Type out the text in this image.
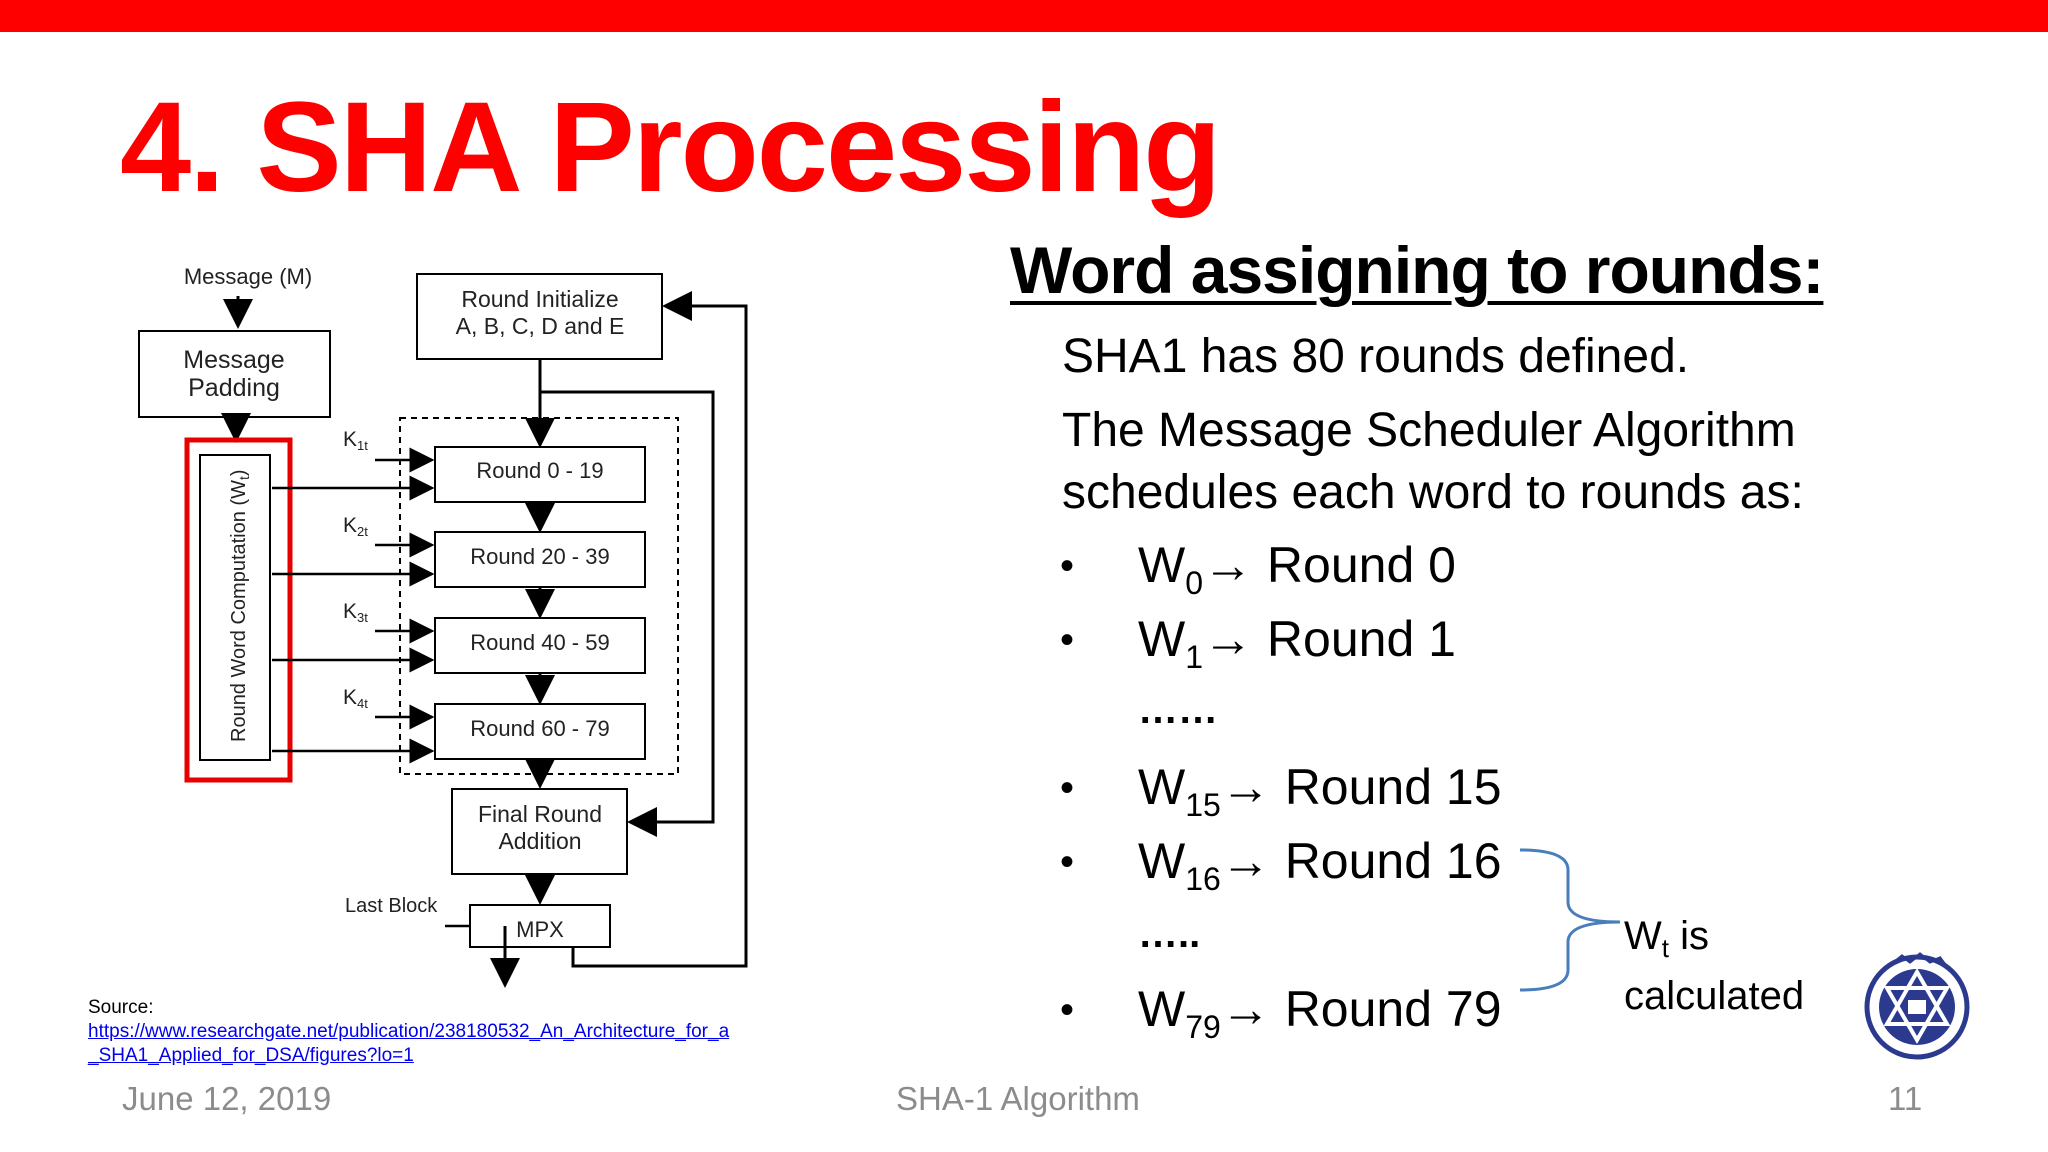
4. SHA Processing
Message (M)
Message
Padding
Round Word Computation $(W_t)$
Round Initialize
A, B, C, D and E
Round 0 - 19
Round 20 - 39
Round 40 - 59
Round 60 - 79
K1t
K2t
K3t
K4t
Final Round
Addition
MPX
Last Block
Word assigning to rounds:
SHA1 has 80 rounds defined.
The Message Scheduler Algorithm
schedules each word to rounds as:
• $W_0\to$ Round 0
• $W_1\to$ Round 1
……
• $W_{15}\to$ Round 15
• $W_{16}\to$ Round 16
…..
• $W_{79}\to$ Round 79
$W_t$ is
calculated
Source:
https://www.researchgate.net/publication/238180532_An_Architecture_for_a
_SHA1_Applied_for_DSA/figures?lo=1
June 12, 2019	SHA-1 Algorithm	11
